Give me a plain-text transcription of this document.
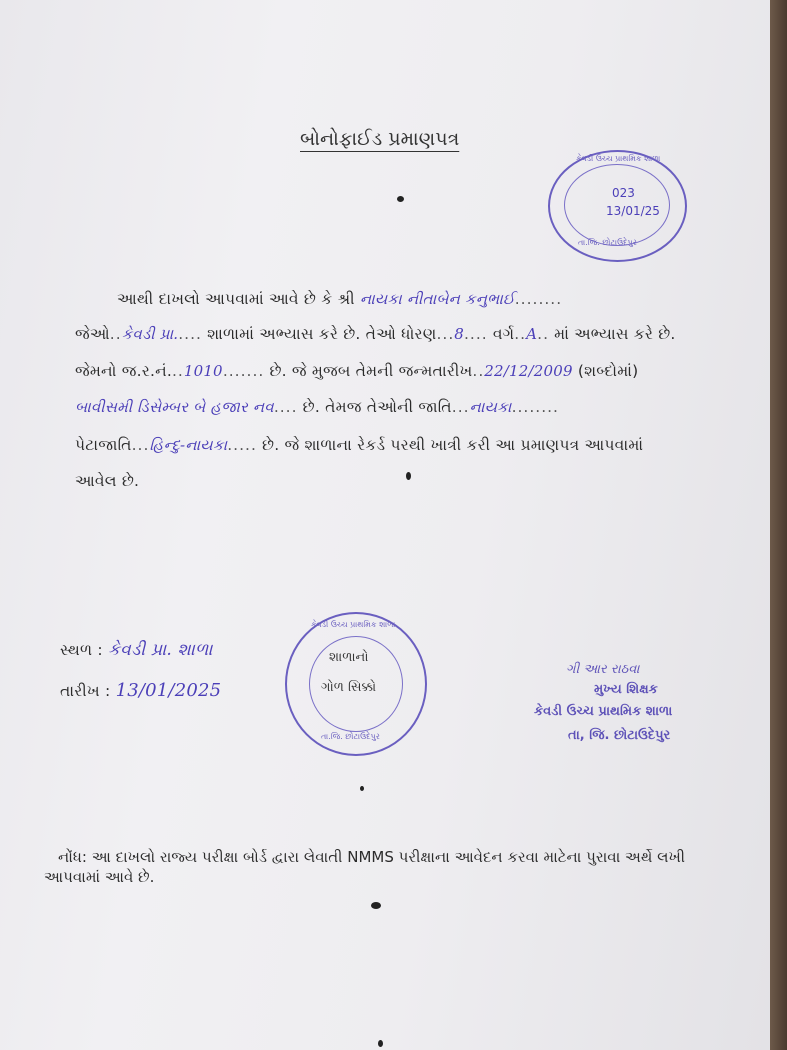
બોનોફાઈડ પ્રમાણપત્ર
કેવડી ઉચ્ચ પ્રાથમિક શાળા
023
13/01/25
તા.જિ. છોટાઉદેપુર
આથી દાખલો આપવામાં આવે છે કે શ્રી નાયકા નીતાબેન કનુભાઈ........
જેઓ..કેવડી પ્રા..... શાળામાં અભ્યાસ કરે છે. તેઓ ધોરણ...8.... વર્ગ..A.. માં અભ્યાસ કરે છે.
જેમનો જ.ર.નં...1010....... છે. જે મુજબ તેમની જન્મતારીખ..22/12/2009 (શબ્દોમાં)
બાવીસમી ડિસેમ્બર બે હજાર નવ.... છે. તેમજ તેઓની જાતિ...નાયકા........
પેટાજાતિ...હિન્દુ-નાયકા..... છે. જે શાળાના રેકર્ડ પરથી ખાત્રી કરી આ પ્રમાણપત્ર આપવામાં
આવેલ છે.
સ્થળ : કેવડી પ્રા. શાળા
તારીખ : 13/01/2025
કેવડી ઉચ્ચ પ્રાથમિક શાળા
શાળાનો
ગોળ સિક્કો
તા.જિ. છોટાઉદેપુર
ગી આર રાઠવા
મુખ્ય શિક્ષક
કેવડી ઉચ્ચ પ્રાથમિક શાળા
તા, જિ. છોટાઉદેપુર
નોંધ: આ દાખલો રાજ્ય પરીક્ષા બોર્ડ દ્વારા લેવાતી NMMS પરીક્ષાના આવેદન કરવા માટેના પુરાવા અર્થે લખી
આપવામાં આવે છે.
